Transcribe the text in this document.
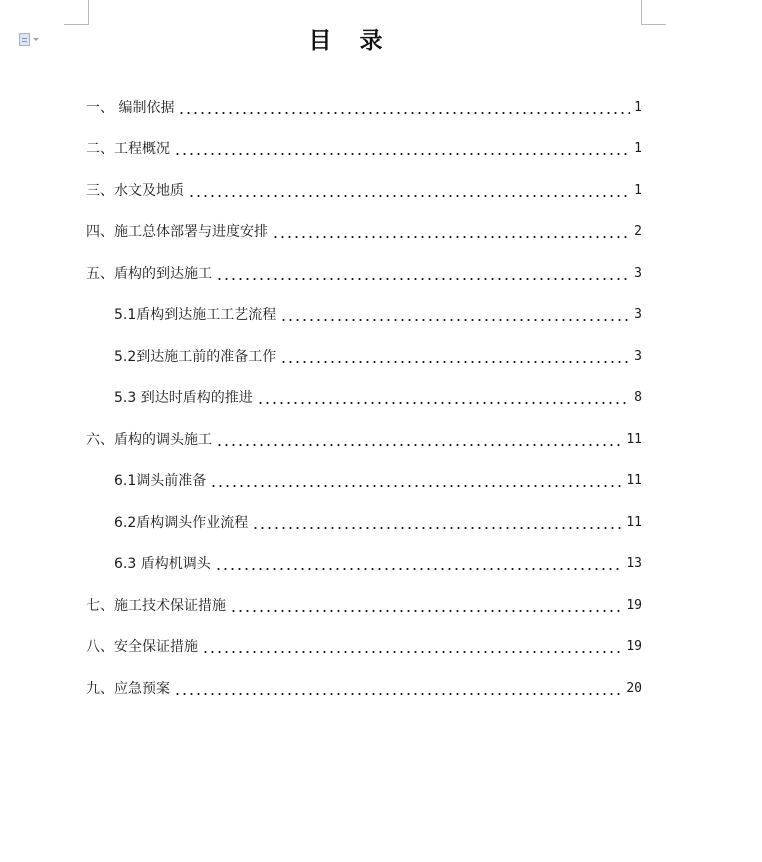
目   录
一、 编制依据	1
二、工程概况	1
三、水文及地质	1
四、施工总体部署与进度安排	2
五、盾构的到达施工	3
5.1盾构到达施工工艺流程	3
5.2到达施工前的准备工作	3
5.3 到达时盾构的推进	8
六、盾构的调头施工	11
6.1调头前准备	11
6.2盾构调头作业流程	11
6.3 盾构机调头	13
七、施工技术保证措施	19
八、安全保证措施	19
九、应急预案	20
